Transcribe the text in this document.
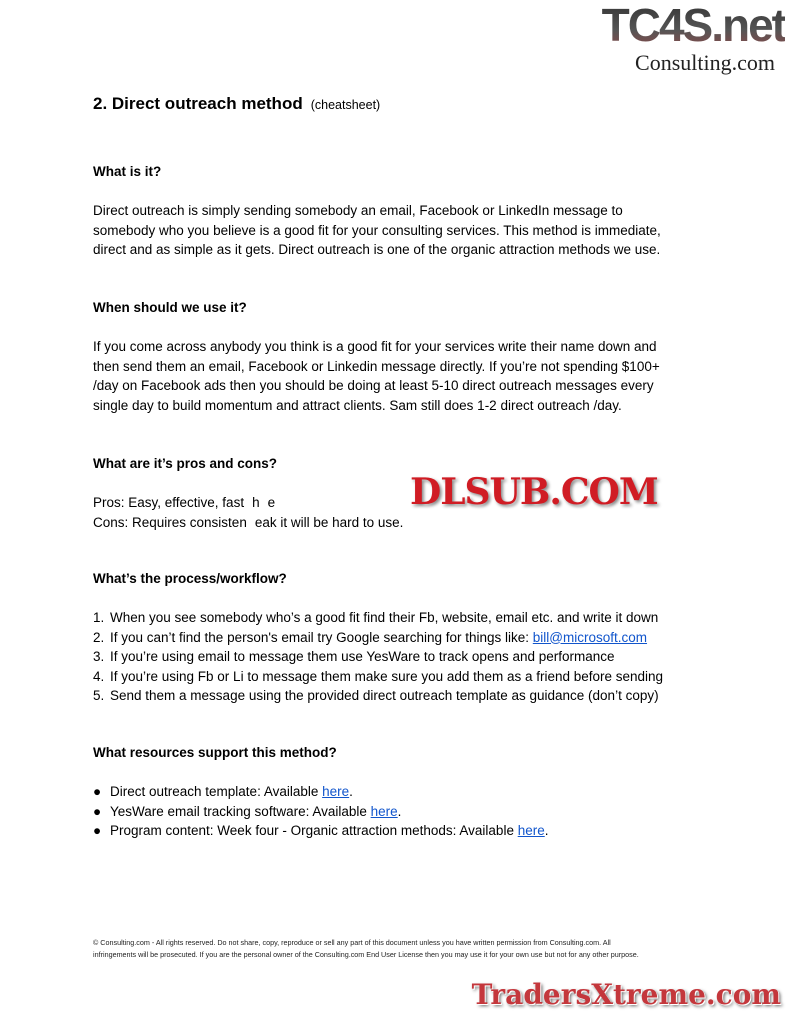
TC4S.net
Consulting.com
2. Direct outreach method (cheatsheet)
What is it?
Direct outreach is simply sending somebody an email, Facebook or LinkedIn message to
somebody who you believe is a good fit for your consulting services. This method is immediate,
direct and as simple as it gets. Direct outreach is one of the organic attraction methods we use.
When should we use it?
If you come across anybody you think is a good fit for your services write their name down and
then send them an email, Facebook or Linkedin message directly. If you’re not spending $100+
/day on Facebook ads then you should be doing at least 5-10 direct outreach messages every
single day to build momentum and attract clients. Sam still does 1-2 direct outreach /day.
What are it’s pros and cons?
Pros: Easy, effective, fast h e
Cons: Requires consisten eak it will be hard to use.
What’s the process/workflow?
1. When you see somebody who’s a good fit find their Fb, website, email etc. and write it down
2. If you can’t find the person's email try Google searching for things like: bill@microsoft.com
3. If you’re using email to message them use YesWare to track opens and performance
4. If you’re using Fb or Li to message them make sure you add them as a friend before sending
5. Send them a message using the provided direct outreach template as guidance (don’t copy)
What resources support this method?
● Direct outreach template: Available here.
● YesWare email tracking software: Available here.
● Program content: Week four - Organic attraction methods: Available here.
© Consulting.com - All rights reserved. Do not share, copy, reproduce or sell any part of this document unless you have written permission from Consulting.com. All
infringements will be prosecuted. If you are the personal owner of the Consulting.com End User License then you may use it for your own use but not for any other purpose.
DLSUB.COM
TradersXtreme.com
